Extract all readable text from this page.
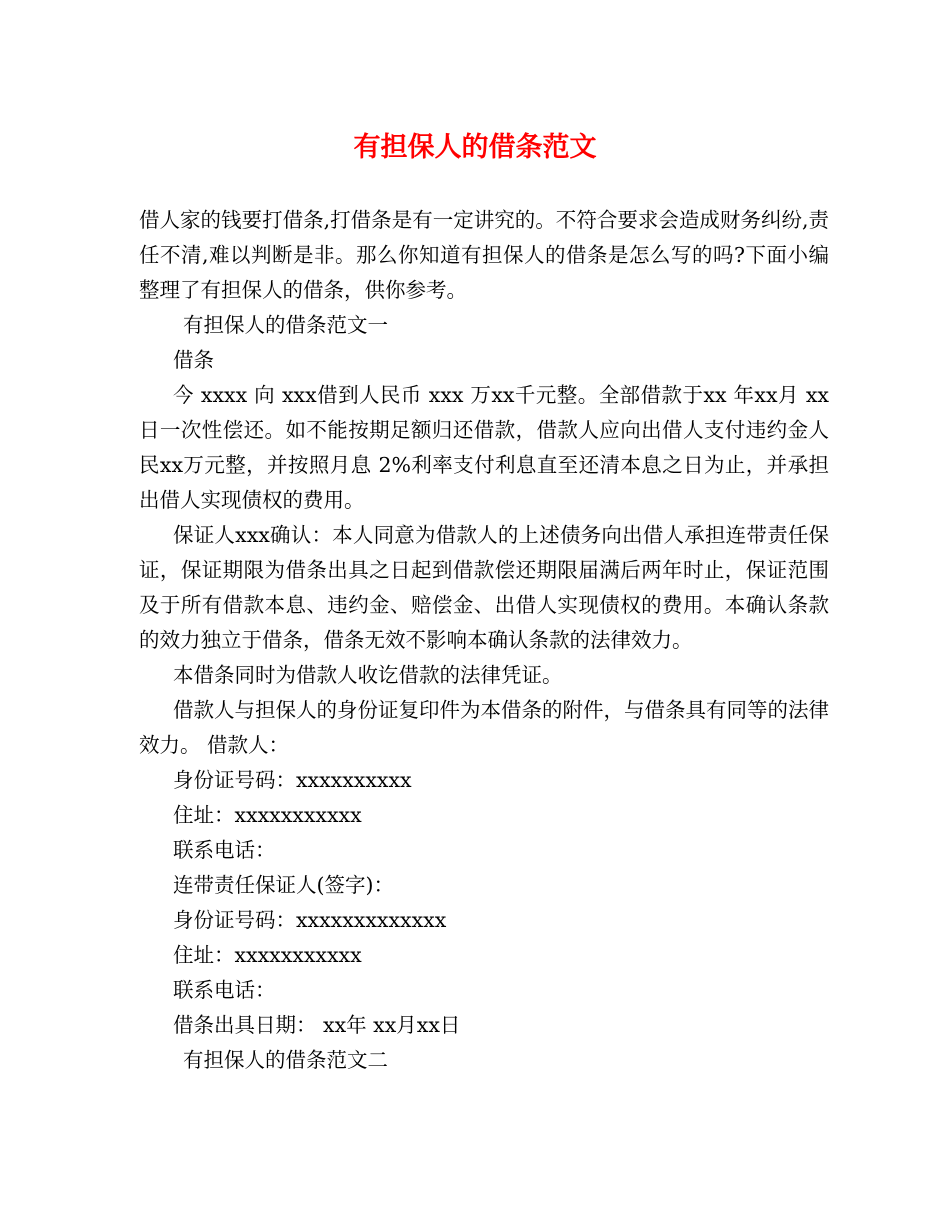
有担保人的借条范文

借人家的钱要打借条,打借条是有一定讲究的。不符合要求会造成财务纠纷,责任不清,难以判断是非。那么你知道有担保人的借条是怎么写的吗?下面小编整理了有担保人的借条，供你参考。

有担保人的借条范文一

借条

今 xxxx 向 xxx借到人民币 xxx 万xx千元整。全部借款于xx 年xx月 xx日一次性偿还。如不能按期足额归还借款，借款人应向出借人支付违约金人民xx万元整，并按照月息 2%利率支付利息直至还清本息之日为止，并承担出借人实现债权的费用。

保证人xxx确认：本人同意为借款人的上述债务向出借人承担连带责任保证，保证期限为借条出具之日起到借款偿还期限届满后两年时止，保证范围及于所有借款本息、违约金、赔偿金、出借人实现债权的费用。本确认条款的效力独立于借条，借条无效不影响本确认条款的法律效力。

本借条同时为借款人收讫借款的法律凭证。

借款人与担保人的身份证复印件为本借条的附件，与借条具有同等的法律效力。 借款人：

身份证号码：xxxxxxxxxx

住址：xxxxxxxxxxx

联系电话：

连带责任保证人(签字)：

身份证号码：xxxxxxxxxxxxx

住址：xxxxxxxxxxx

联系电话：

借条出具日期： xx年 xx月xx日

有担保人的借条范文二
